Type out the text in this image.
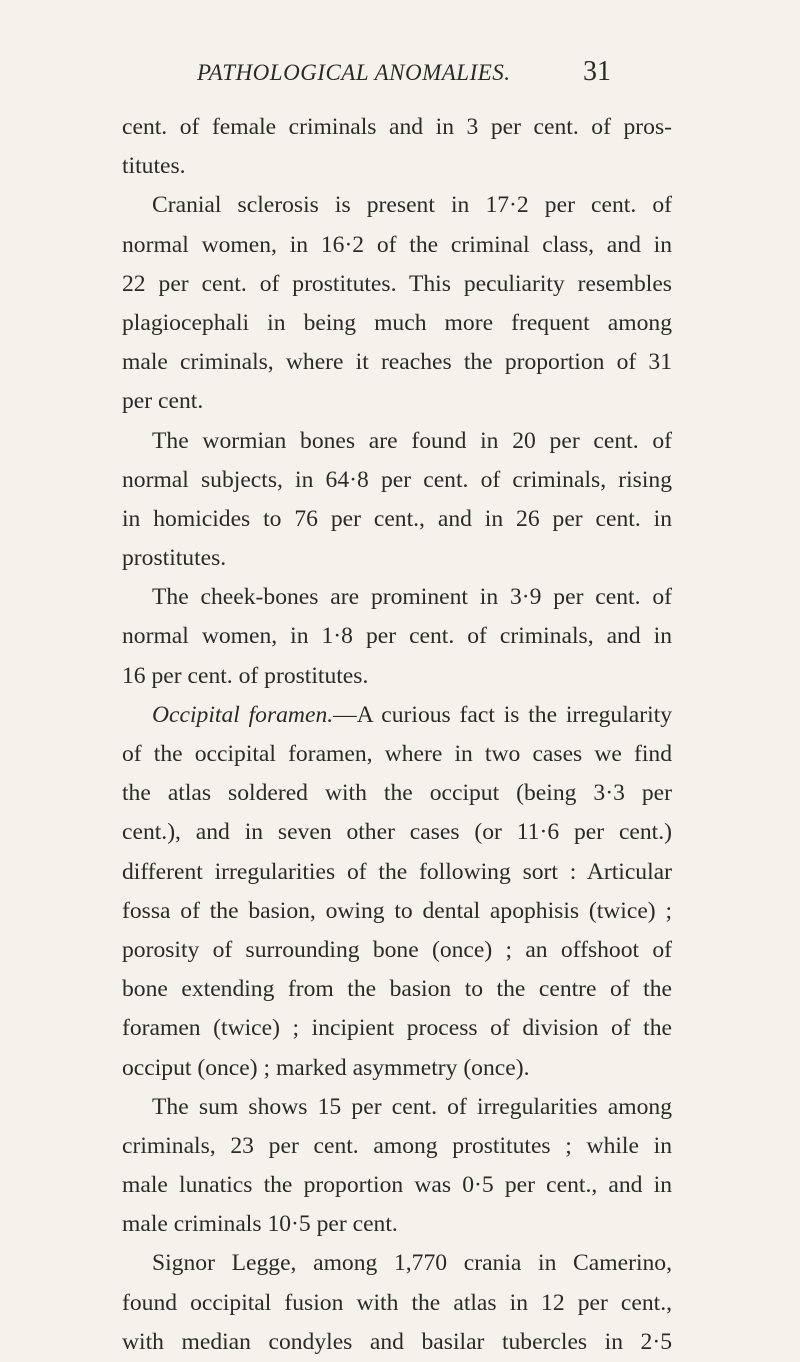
PATHOLOGICAL ANOMALIES.	31
cent. of female criminals and in 3 per cent. of pros-
titutes.
Cranial sclerosis is present in 17·2 per cent. of
normal women, in 16·2 of the criminal class, and in
22 per cent. of prostitutes. This peculiarity resembles
plagiocephali in being much more frequent among
male criminals, where it reaches the proportion of 31
per cent.
The wormian bones are found in 20 per cent. of
normal subjects, in 64·8 per cent. of criminals, rising
in homicides to 76 per cent., and in 26 per cent. in
prostitutes.
The cheek-bones are prominent in 3·9 per cent. of
normal women, in 1·8 per cent. of criminals, and in
16 per cent. of prostitutes.
Occipital foramen.—A curious fact is the irregularity
of the occipital foramen, where in two cases we find
the atlas soldered with the occiput (being 3·3 per
cent.), and in seven other cases (or 11·6 per cent.)
different irregularities of the following sort : Articular
fossa of the basion, owing to dental apophisis (twice) ;
porosity of surrounding bone (once) ; an offshoot of
bone extending from the basion to the centre of the
foramen (twice) ; incipient process of division of the
occiput (once) ; marked asymmetry (once).
The sum shows 15 per cent. of irregularities among
criminals, 23 per cent. among prostitutes ; while in
male lunatics the proportion was 0·5 per cent., and in
male criminals 10·5 per cent.
Signor Legge, among 1,770 crania in Camerino,
found occipital fusion with the atlas in 12 per cent.,
with median condyles and basilar tubercles in 2·5
